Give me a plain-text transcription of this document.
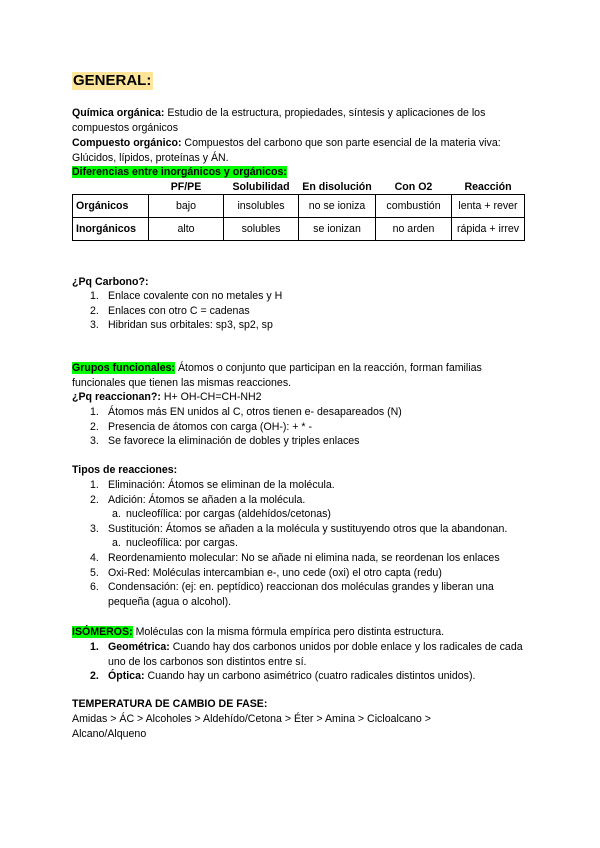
GENERAL:
Química orgánica: Estudio de la estructura, propiedades, síntesis y aplicaciones de los
compuestos orgánicos
Compuesto orgánico: Compuestos del carbono que son parte esencial de la materia viva:
Glúcidos, lípidos, proteínas y ÁN.
Diferencias entre inorgánicos y orgánicos:
	PF/PE	Solubilidad	En disolución	Con O2	Reacción
Orgánicos	bajo	insolubles	no se ioniza	combustión	lenta + rever
Inorgánicos	alto	solubles	se ionizan	no arden	rápida + irrev
¿Pq Carbono?:
1. Enlace covalente con no metales y H
2. Enlaces con otro C = cadenas
3. Hibridan sus orbitales: sp3, sp2, sp
Grupos funcionales: Átomos o conjunto que participan en la reacción, forman familias
funcionales que tienen las mismas reacciones.
¿Pq reaccionan?: H+ OH-CH=CH-NH2
1. Átomos más EN unidos al C, otros tienen e- desapareados (N)
2. Presencia de átomos con carga (OH-): + * -
3. Se favorece la eliminación de dobles y triples enlaces
Tipos de reacciones:
1. Eliminación: Átomos se eliminan de la molécula.
2. Adición: Átomos se añaden a la molécula.
a. nucleofílica: por cargas (aldehídos/cetonas)
3. Sustitución: Átomos se añaden a la molécula y sustituyendo otros que la abandonan.
a. nucleofílica: por cargas.
4. Reordenamiento molecular: No se añade ni elimina nada, se reordenan los enlaces
5. Oxi-Red: Moléculas intercambian e-, uno cede (oxi) el otro capta (redu)
6. Condensación: (ej: en. peptídico) reaccionan dos moléculas grandes y liberan una pequeña (agua o alcohol).
ISÓMEROS: Moléculas con la misma fórmula empírica pero distinta estructura.
1. Geométrica: Cuando hay dos carbonos unidos por doble enlace y los radicales de cada uno de los carbonos son distintos entre sí.
2. Óptica: Cuando hay un carbono asimétrico (cuatro radicales distintos unidos).
TEMPERATURA DE CAMBIO DE FASE:
Amidas > ÁC > Alcoholes > Aldehído/Cetona > Éter > Amina > Cicloalcano >
Alcano/Alqueno
